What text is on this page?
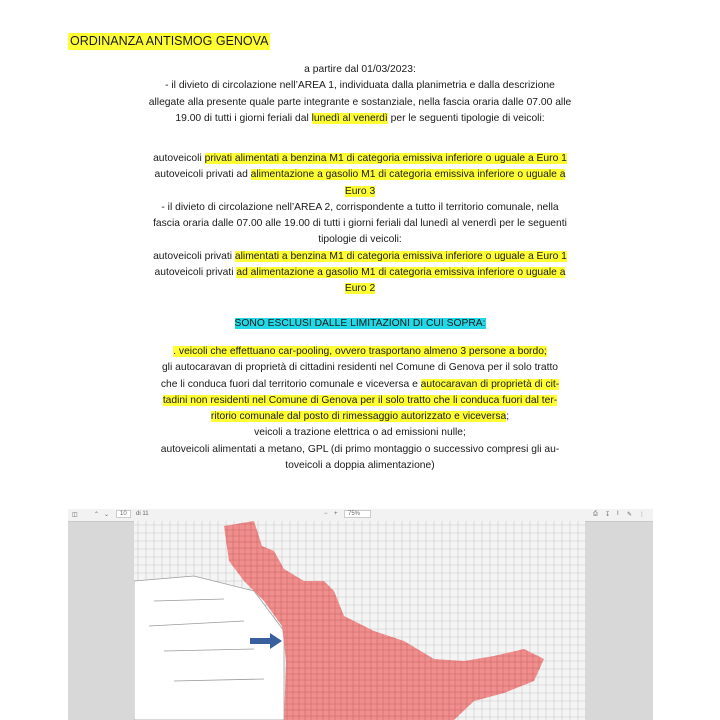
ORDINANZA ANTISMOG GENOVA
a partire dal 01/03/2023:
- il divieto di circolazione nell’AREA 1, individuata dalla planimetria e dalla descrizione
allegate alla presente quale parte integrante e sostanziale, nella fascia oraria dalle 07.00 alle
19.00 di tutti i giorni feriali dal lunedì al venerdì per le seguenti tipologie di veicoli:
autoveicoli privati alimentati a benzina M1 di categoria emissiva inferiore o uguale a Euro 1
autoveicoli privati ad alimentazione a gasolio M1 di categoria emissiva inferiore o uguale a
Euro 3
- il divieto di circolazione nell’AREA 2, corrispondente a tutto il territorio comunale, nella
fascia oraria dalle 07.00 alle 19.00 di tutti i giorni feriali dal lunedì al venerdì per le seguenti
tipologie di veicoli:
autoveicoli privati alimentati a benzina M1 di categoria emissiva inferiore o uguale a Euro 1
autoveicoli privati ad alimentazione a gasolio M1 di categoria emissiva inferiore o uguale a
Euro 2
SONO ESCLUSI DALLE LIMITAZIONI DI CUI SOPRA:
. veicoli che effettuano car-pooling, ovvero trasportano almeno 3 persone a bordo;
gli autocaravan di proprietà di cittadini residenti nel Comune di Genova per il solo tratto
che li conduca fuori dal territorio comunale e viceversa e autocaravan di proprietà di cit-
tadini non residenti nel Comune di Genova per il solo tratto che li conduca fuori dal ter-
ritorio comunale dal posto di rimessaggio autorizzato e viceversa;
veicoli a trazione elettrica o ad emissioni nulle;
autoveicoli alimentati a metano, GPL (di primo montaggio o successivo compresi gli au-
toveicoli a doppia alimentazione)
◫	⌃ ⌄	10	di 11	− +	75%	⎙ ↧ I ✎ ⋮
